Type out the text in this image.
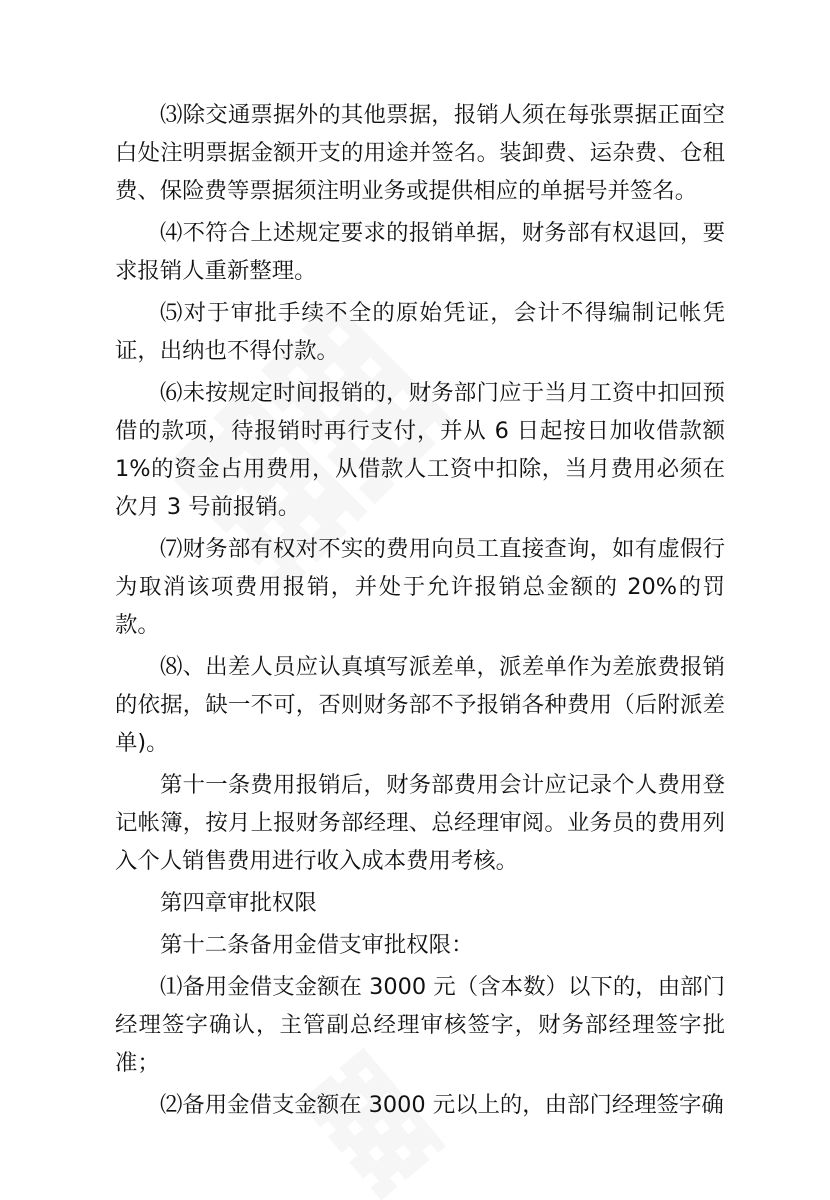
⑶除交通票据外的其他票据，报销人须在每张票据正面空白处注明票据金额开支的用途并签名。装卸费、运杂费、仓租费、保险费等票据须注明业务或提供相应的单据号并签名。

⑷不符合上述规定要求的报销单据，财务部有权退回，要求报销人重新整理。

⑸对于审批手续不全的原始凭证，会计不得编制记帐凭证，出纳也不得付款。

⑹未按规定时间报销的，财务部门应于当月工资中扣回预借的款项，待报销时再行支付，并从 6 日起按日加收借款额 1%的资金占用费用，从借款人工资中扣除，当月费用必须在次月 3 号前报销。

⑺财务部有权对不实的费用向员工直接查询，如有虚假行为取消该项费用报销，并处于允许报销总金额的 20%的罚款。

⑻、出差人员应认真填写派差单，派差单作为差旅费报销的依据，缺一不可，否则财务部不予报销各种费用（后附派差单)。

第十一条费用报销后，财务部费用会计应记录个人费用登记帐簿，按月上报财务部经理、总经理审阅。业务员的费用列入个人销售费用进行收入成本费用考核。

第四章审批权限

第十二条备用金借支审批权限：

⑴备用金借支金额在 3000 元（含本数）以下的，由部门经理签字确认，主管副总经理审核签字，财务部经理签字批准；

⑵备用金借支金额在 3000 元以上的，由部门经理签字确
